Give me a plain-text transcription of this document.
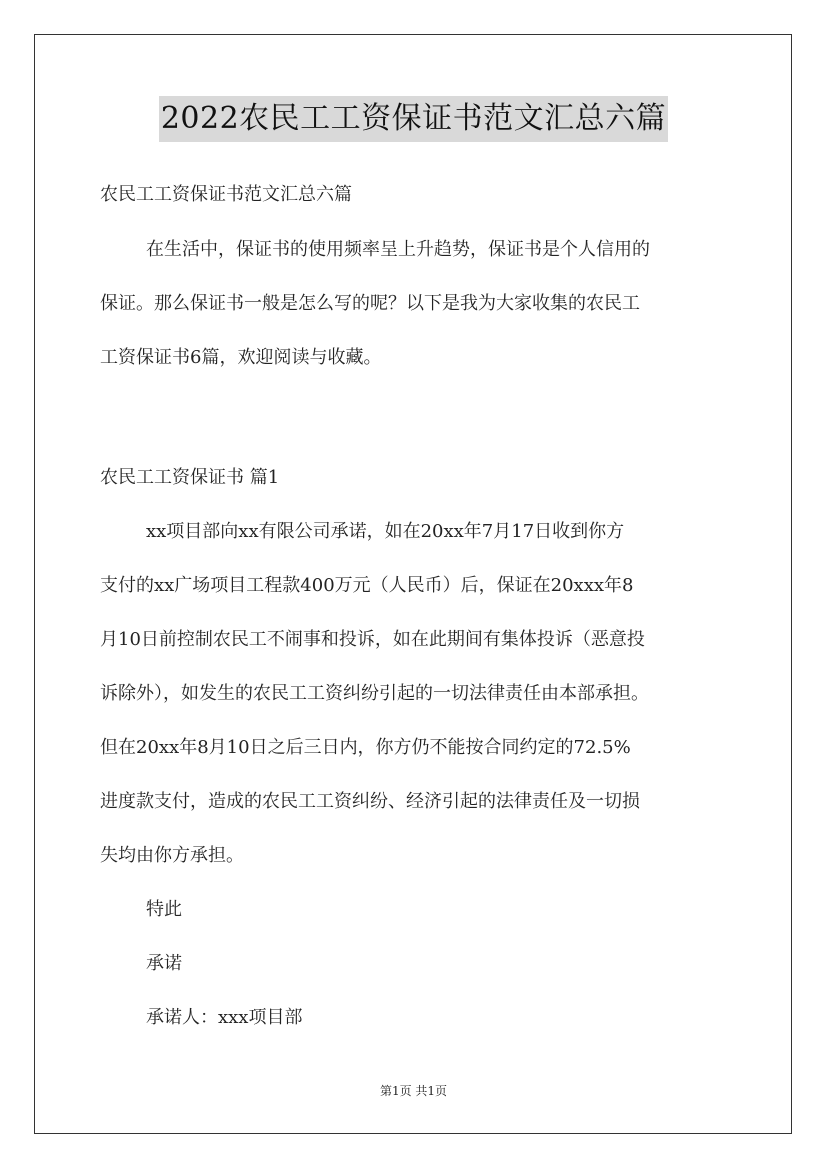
2022农民工工资保证书范文汇总六篇
农民工工资保证书范文汇总六篇
在生活中，保证书的使用频率呈上升趋势，保证书是个人信用的
保证。那么保证书一般是怎么写的呢？以下是我为大家收集的农民工
工资保证书6篇，欢迎阅读与收藏。
农民工工资保证书 篇1
xx项目部向xx有限公司承诺，如在20xx年7月17日收到你方
支付的xx广场项目工程款400万元（人民币）后，保证在20xxx年8
月10日前控制农民工不闹事和投诉，如在此期间有集体投诉（恶意投
诉除外），如发生的农民工工资纠纷引起的一切法律责任由本部承担。
但在20xx年8月10日之后三日内，你方仍不能按合同约定的72.5%
进度款支付，造成的农民工工资纠纷、经济引起的法律责任及一切损
失均由你方承担。
特此
承诺
承诺人：xxx项目部
第1页 共1页
